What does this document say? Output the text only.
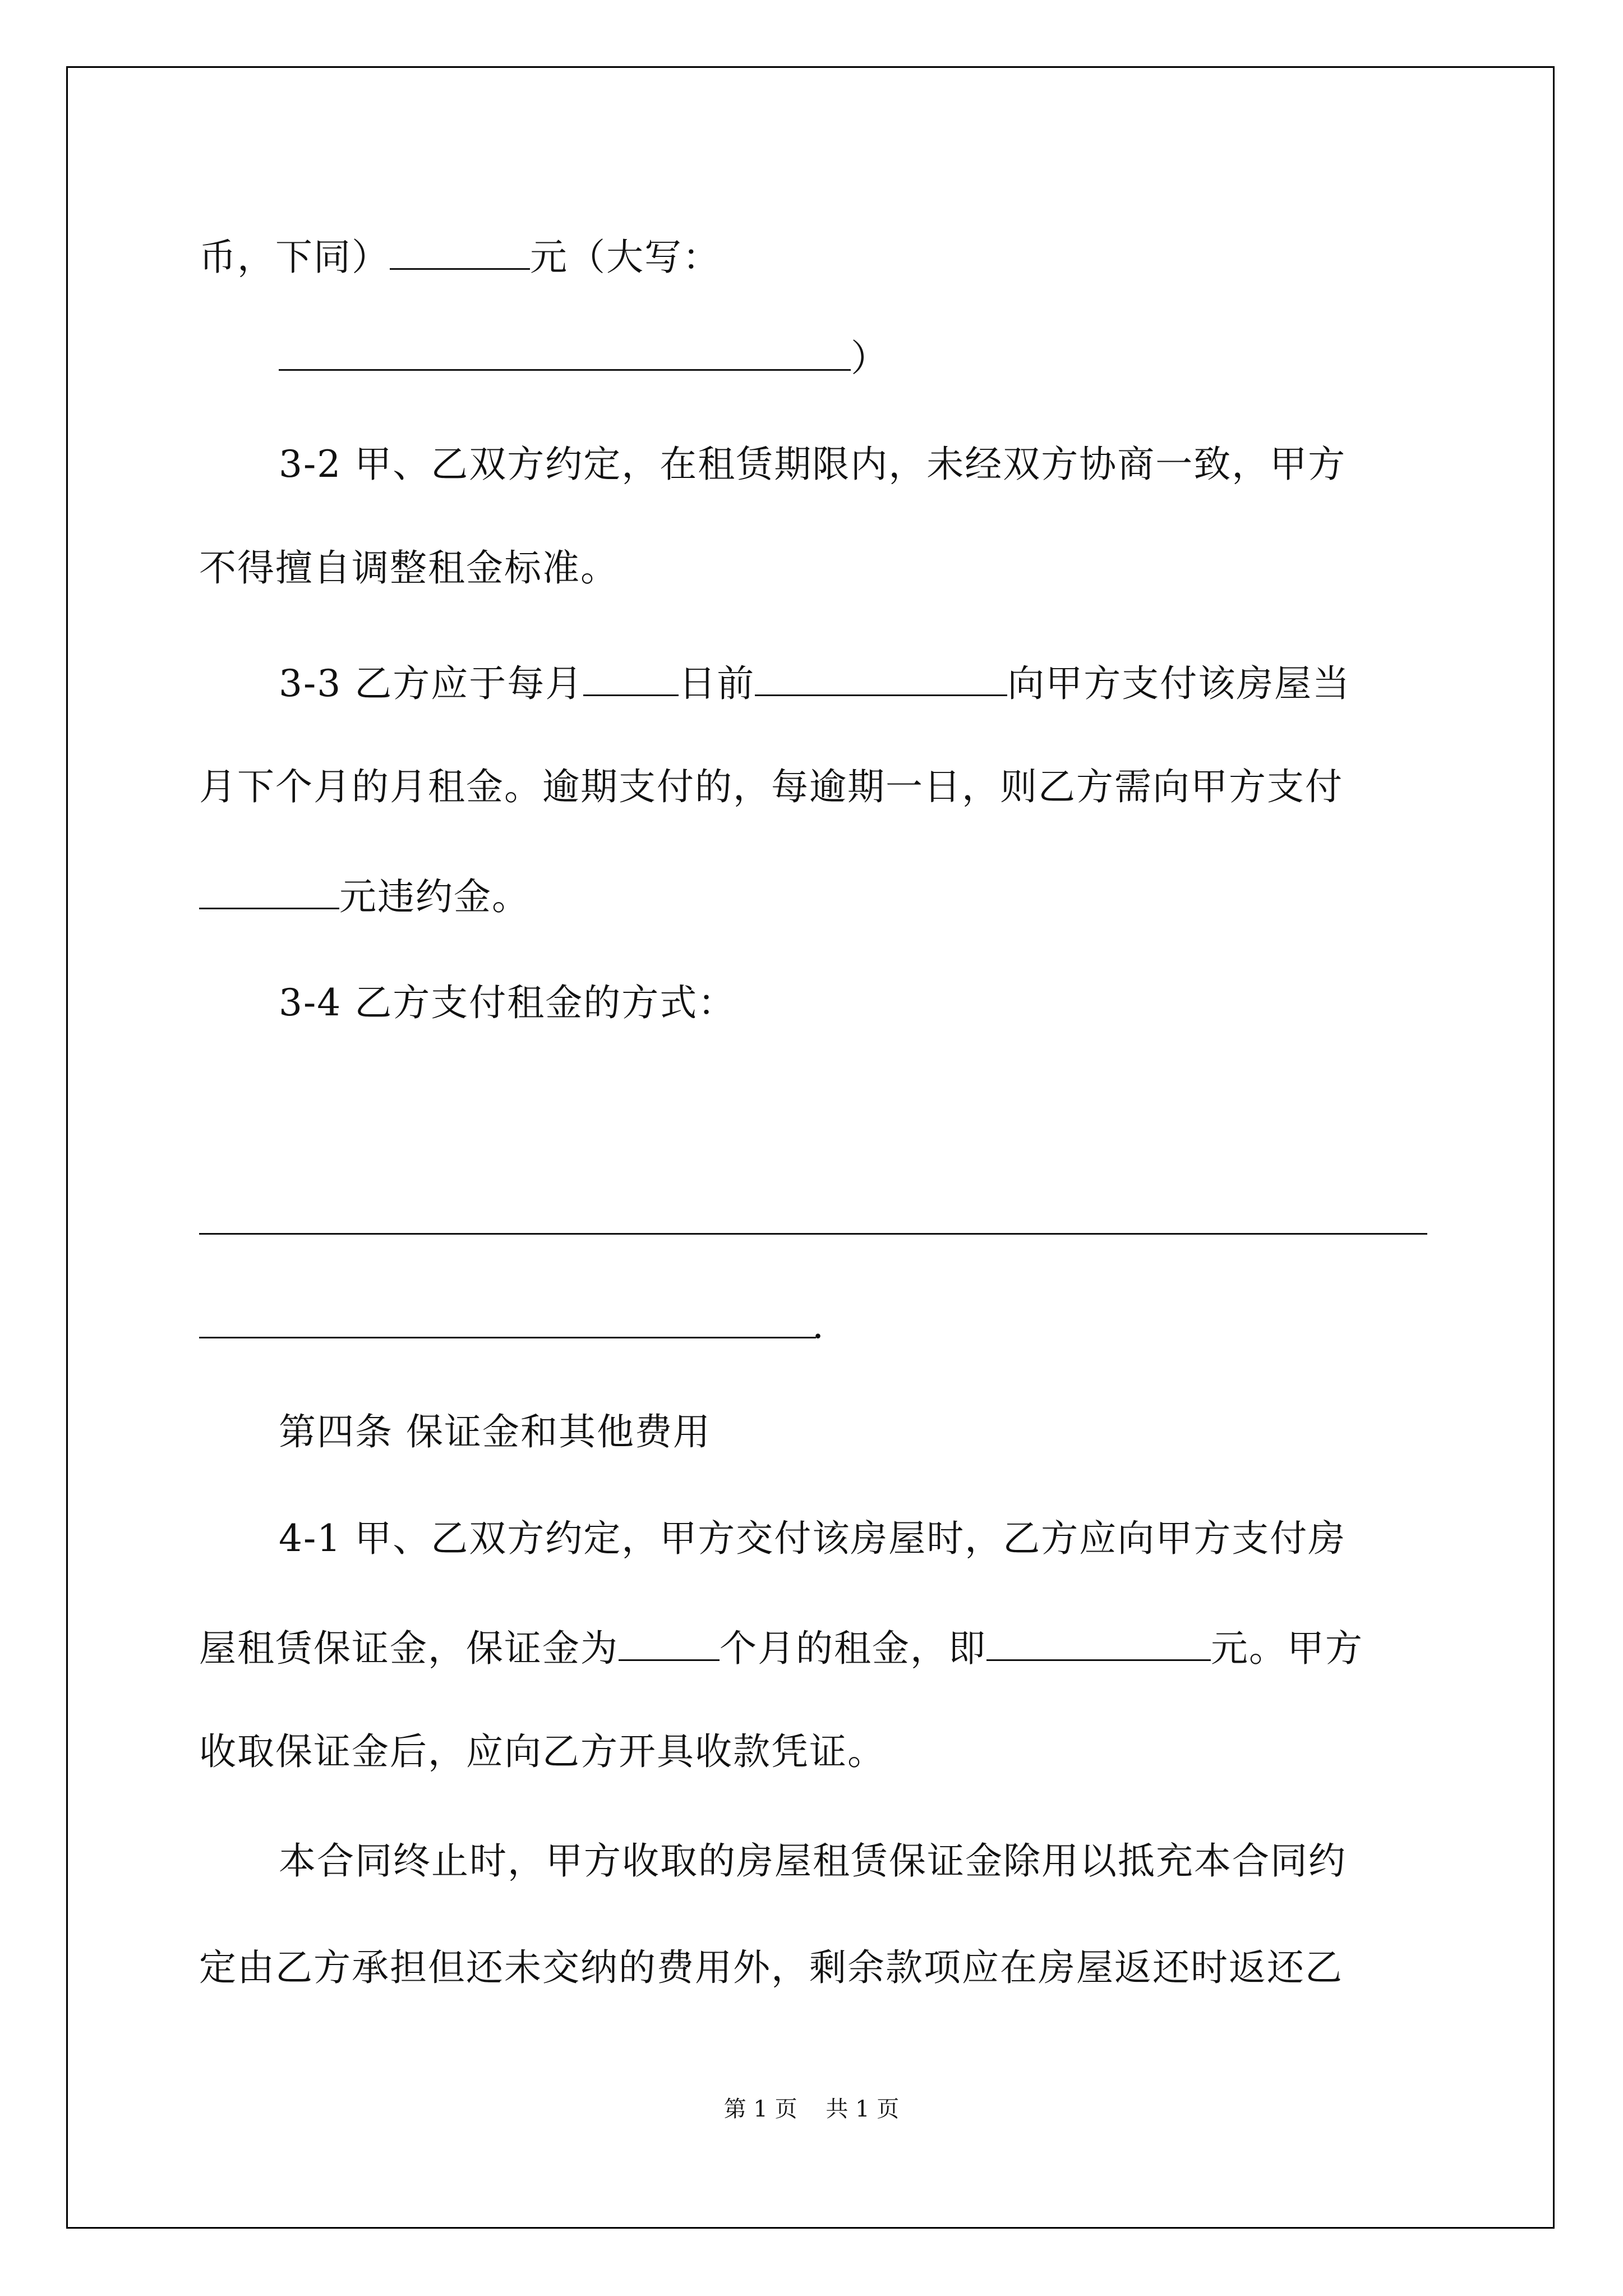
币，下同）	元（大写：
）
3-2 甲、乙双方约定，在租赁期限内，未经双方协商一致，甲方
不得擅自调整租金标准。
3-3 乙方应于每月	日前	向甲方支付该房屋当
月下个月的月租金。逾期支付的，每逾期一日，则乙方需向甲方支付
元违约金。
3-4 乙方支付租金的方式：
.
第四条 保证金和其他费用
4-1 甲、乙双方约定，甲方交付该房屋时，乙方应向甲方支付房
屋租赁保证金，保证金为	个月的租金，即	元。甲方
收取保证金后，应向乙方开具收款凭证。
本合同终止时，甲方收取的房屋租赁保证金除用以抵充本合同约
定由乙方承担但还未交纳的费用外，剩余款项应在房屋返还时返还乙
第 1 页    共 1 页
